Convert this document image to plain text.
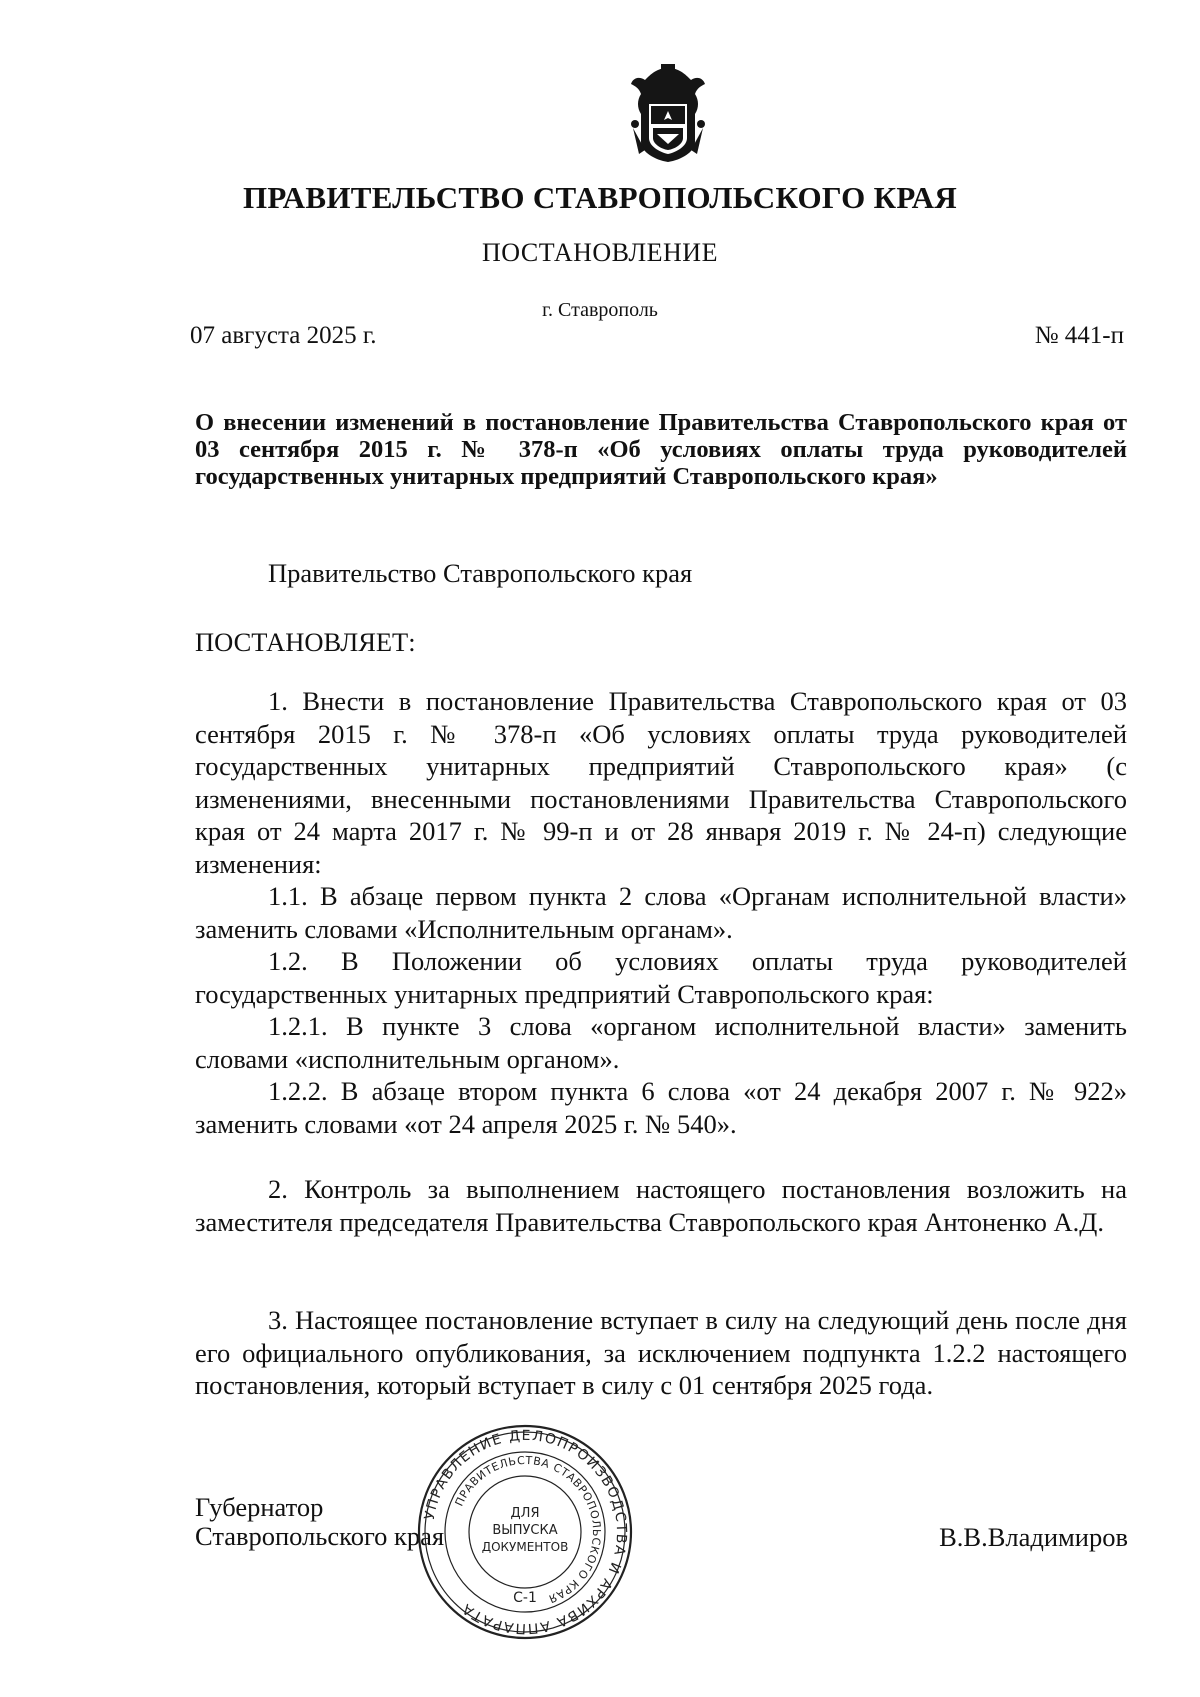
ПРАВИТЕЛЬСТВО СТАВРОПОЛЬСКОГО КРАЯ
ПОСТАНОВЛЕНИЕ
г. Ставрополь
07 августа 2025 г.	№ 441-п
О внесении изменений в постановление Правительства Ставропольского края от 03 сентября 2015 г. № 378-п «Об условиях оплаты труда руководителей государственных унитарных предприятий Ставропольского края»
Правительство Ставропольского края
ПОСТАНОВЛЯЕТ:
1. Внести в постановление Правительства Ставропольского края от 03 сентября 2015 г. № 378-п «Об условиях оплаты труда руководителей государственных унитарных предприятий Ставропольского края» (с изменениями, внесенными постановлениями Правительства Ставропольского края от 24 марта 2017 г. № 99-п и от 28 января 2019 г. № 24-п) следующие изменения:
1.1. В абзаце первом пункта 2 слова «Органам исполнительной власти» заменить словами «Исполнительным органам».
1.2. В Положении об условиях оплаты труда руководителей государственных унитарных предприятий Ставропольского края:
1.2.1. В пункте 3 слова «органом исполнительной власти» заменить словами «исполнительным органом».
1.2.2. В абзаце втором пункта 6 слова «от 24 декабря 2007 г. № 922» заменить словами «от 24 апреля 2025 г. № 540».
2. Контроль за выполнением настоящего постановления возложить на заместителя председателя Правительства Ставропольского края Антоненко А.Д.
3. Настоящее постановление вступает в силу на следующий день после дня его официального опубликования, за исключением подпункта 1.2.2 настоящего постановления, который вступает в силу с 01 сентября 2025 года.
Губернатор
Ставропольского края	В.В.Владимиров
УПРАВЛЕНИЕ ДЕЛОПРОИЗВОДСТВА И АРХИВА АППАРАТА
ПРАВИТЕЛЬСТВА СТАВРОПОЛЬСКОГО КРАЯ
ДЛЯ
ВЫПУСКА
ДОКУМЕНТОВ
С-1
